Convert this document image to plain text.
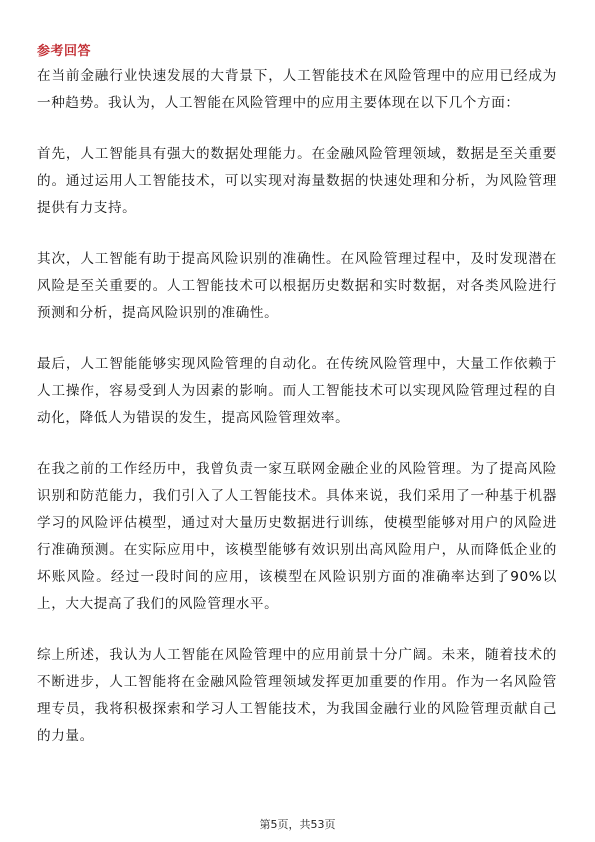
参考回答

在当前金融行业快速发展的大背景下，人工智能技术在风险管理中的应用已经成为一种趋势。我认为，人工智能在风险管理中的应用主要体现在以下几个方面：

首先，人工智能具有强大的数据处理能力。在金融风险管理领域，数据是至关重要的。通过运用人工智能技术，可以实现对海量数据的快速处理和分析，为风险管理提供有力支持。

其次，人工智能有助于提高风险识别的准确性。在风险管理过程中，及时发现潜在风险是至关重要的。人工智能技术可以根据历史数据和实时数据，对各类风险进行预测和分析，提高风险识别的准确性。

最后，人工智能能够实现风险管理的自动化。在传统风险管理中，大量工作依赖于人工操作，容易受到人为因素的影响。而人工智能技术可以实现风险管理过程的自动化，降低人为错误的发生，提高风险管理效率。

在我之前的工作经历中，我曾负责一家互联网金融企业的风险管理。为了提高风险识别和防范能力，我们引入了人工智能技术。具体来说，我们采用了一种基于机器学习的风险评估模型，通过对大量历史数据进行训练，使模型能够对用户的风险进行准确预测。在实际应用中，该模型能够有效识别出高风险用户，从而降低企业的坏账风险。经过一段时间的应用，该模型在风险识别方面的准确率达到了90%以上，大大提高了我们的风险管理水平。

综上所述，我认为人工智能在风险管理中的应用前景十分广阔。未来，随着技术的不断进步，人工智能将在金融风险管理领域发挥更加重要的作用。作为一名风险管理专员，我将积极探索和学习人工智能技术，为我国金融行业的风险管理贡献自己的力量。

第5页，共53页
